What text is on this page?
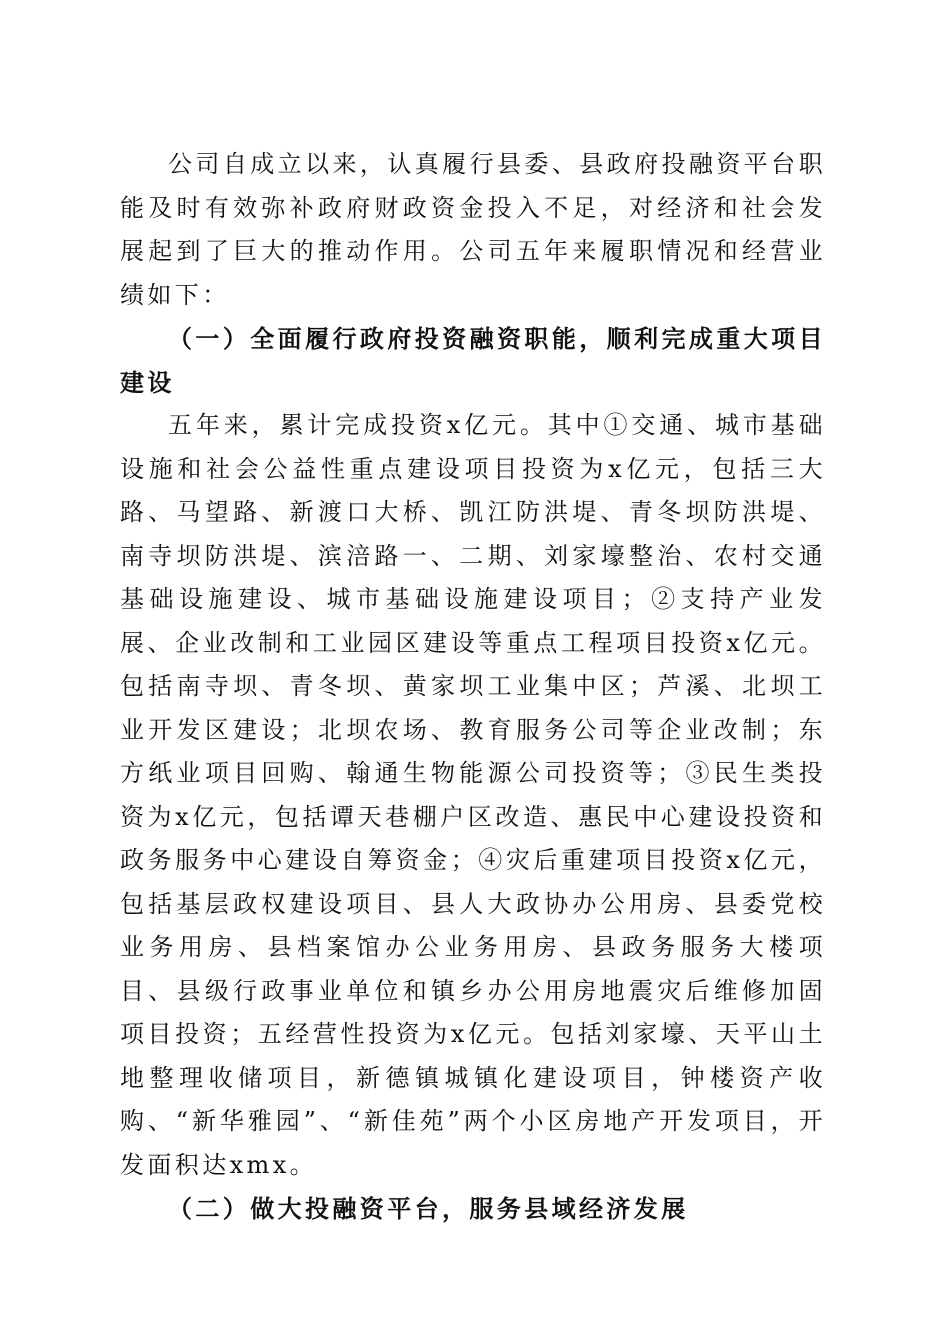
公司自成立以来，认真履行县委、县政府投融资平台职能及时有效弥补政府财政资金投入不足，对经济和社会发展起到了巨大的推动作用。公司五年来履职情况和经营业绩如下：

（一）全面履行政府投资融资职能，顺利完成重大项目建设

五年来，累计完成投资x亿元。其中①交通、城市基础设施和社会公益性重点建设项目投资为x亿元，包括三大路、马望路、新渡口大桥、凯江防洪堤、青冬坝防洪堤、南寺坝防洪堤、滨涪路一、二期、刘家壕整治、农村交通基础设施建设、城市基础设施建设项目；②支持产业发展、企业改制和工业园区建设等重点工程项目投资x亿元。包括南寺坝、青冬坝、黄家坝工业集中区；芦溪、北坝工业开发区建设；北坝农场、教育服务公司等企业改制；东方纸业项目回购、翰通生物能源公司投资等；③民生类投资为x亿元，包括谭天巷棚户区改造、惠民中心建设投资和政务服务中心建设自筹资金；④灾后重建项目投资x亿元，包括基层政权建设项目、县人大政协办公用房、县委党校业务用房、县档案馆办公业务用房、县政务服务大楼项目、县级行政事业单位和镇乡办公用房地震灾后维修加固项目投资；五经营性投资为x亿元。包括刘家壕、天平山土地整理收储项目，新德镇城镇化建设项目，钟楼资产收购、“新华雅园”、“新佳苑”两个小区房地产开发项目，开发面积达xmx。

（二）做大投融资平台，服务县域经济发展
